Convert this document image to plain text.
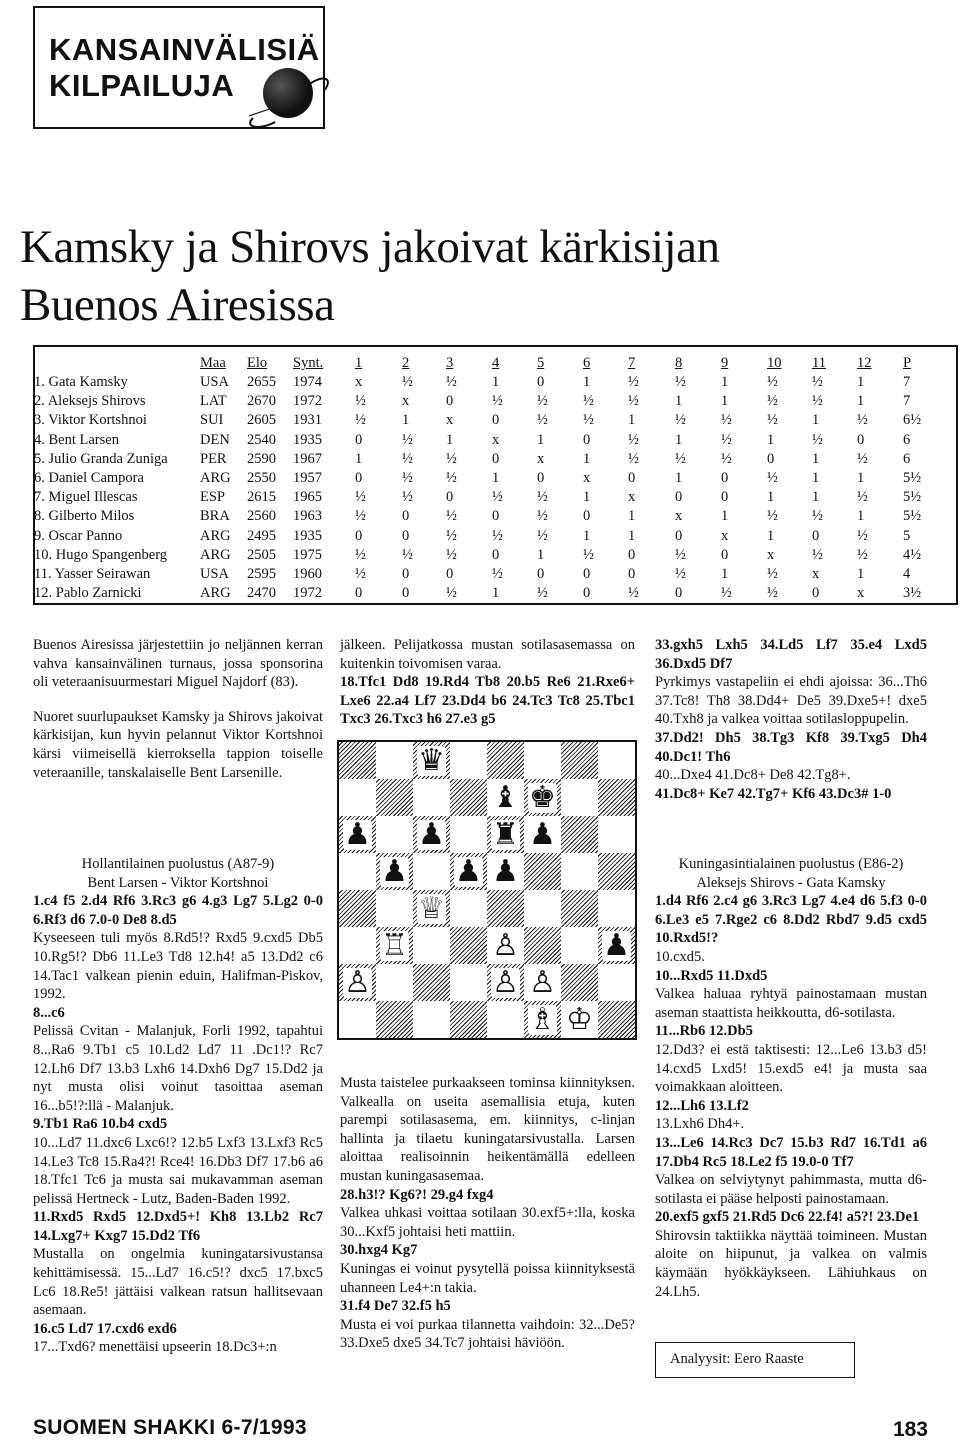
KANSAINVÄLISIÄ
KILPAILUJA
Kamsky ja Shirovs jakoivat kärkisijan
Buenos Airesissa
Maa Elo Synt. 1	2	3	4	5	6	7	8	9	10 11 12 P
1. Gata Kamsky	USA 2655 1974 x	½ ½ 1	0	1	½ ½ 1	½ ½ 1	7
2. Aleksejs Shirovs	LAT 2670 1972 ½ x	0	½ ½ ½ ½ 1	1	½ ½ 1	7
3. Viktor Kortshnoi	SUI 2605 1931 ½ 1	x	0	½ ½ 1	½ ½ ½ 1	½ 6½
4. Bent Larsen	DEN 2540 1935 0	½ 1	x	1	0	½ 1	½ 1	½ 0	6
5. Julio Granda Zuniga PER 2590 1967 1	½ ½ 0	x	1	½ ½ ½ 0	1	½ 6
6. Daniel Campora	ARG 2550 1957 0	½ ½ 1	0	x	0	1	0	½ 1	1	5½
7. Miguel Illescas	ESP 2615 1965 ½ ½ 0	½ ½ 1	x	0	0	1	1	½ 5½
8. Gilberto Milos	BRA 2560 1963 ½ 0	½ 0	½ 0	1	x	1	½ ½ 1	5½
9. Oscar Panno	ARG 2495 1935 0	0	½ ½ ½ 1	1	0	x	1	0	½ 5
10. Hugo Spangenberg ARG 2505 1975 ½ ½ ½ 0	1	½ 0	½ 0	x	½ ½ 4½
11. Yasser Seirawan	USA 2595 1960 ½ 0	0	½ 0	0	0	½ 1	½ x	1	4
12. Pablo Zarnicki	ARG 2470 1972 0	0	½ 1	½ 0	½ 0	½ ½ 0	x	3½

Buenos Airesissa järjestettiin jo neljännen kerran vahva kansainvälinen turnaus, jossa sponsorina oli veteraanisuurmestari Miguel Najdorf (83).

Nuoret suurlupaukset Kamsky ja Shirovs jakoivat kärkisijan, kun hyvin pelannut Viktor Kortshnoi kärsi viimeisellä kierroksella tappion toiselle veteraanille, tanskalaiselle Bent Larsenille.

Hollantilainen puolustus (A87-9)

Bent Larsen - Viktor Kortshnoi

1.c4 f5 2.d4 Rf6 3.Rc3 g6 4.g3 Lg7 5.Lg2 0-0 6.Rf3 d6 7.0-0 De8 8.d5

Kyseeseen tuli myös 8.Rd5!? Rxd5 9.cxd5 Db5 10.Rg5!? Db6 11.Le3 Td8 12.h4! a5 13.Dd2 c6 14.Tac1 valkean pienin eduin, Halifman-Piskov, 1992.

8...c6

Pelissä Cvitan - Malanjuk, Forli 1992, tapahtui 8...Ra6 9.Tb1 c5 10.Ld2 Ld7 11 .Dc1!? Rc7 12.Lh6 Df7 13.b3 Lxh6 14.Dxh6 Dg7 15.Dd2 ja nyt musta olisi voinut tasoittaa aseman 16...b5!?:llä - Malanjuk.

9.Tb1 Ra6 10.b4 cxd5

10...Ld7 11.dxc6 Lxc6!? 12.b5 Lxf3 13.Lxf3 Rc5 14.Le3 Tc8 15.Ra4?! Rce4! 16.Db3 Df7 17.b6 a6 18.Tfc1 Tc6 ja musta sai mukavamman aseman pelissä Hertneck - Lutz, Baden-Baden 1992.

11.Rxd5 Rxd5 12.Dxd5+! Kh8 13.Lb2 Rc7 14.Lxg7+ Kxg7 15.Dd2 Tf6

Mustalla on ongelmia kuningatarsivustansa kehittämisessä. 15...Ld7 16.c5!? dxc5 17.bxc5 Lc6 18.Re5! jättäisi valkean ratsun hallitsevaan asemaan.

16.c5 Ld7 17.cxd6 exd6

17...Txd6? menettäisi upseerin 18.Dc3+:n

jälkeen. Pelijatkossa mustan sotilasasemassa on kuitenkin toivomisen varaa.

18.Tfc1 Dd8 19.Rd4 Tb8 20.b5 Re6 21.Rxe6+ Lxe6 22.a4 Lf7 23.Dd4 b6 24.Tc3 Tc8 25.Tbc1 Txc3 26.Txc3 h6 27.e3 g5

♛
♝ ♚
♟ ♟ ♜ ♟
♟ ♟ ♟
♕
♖	♙	♟
♙	♙ ♙
♗ ♔

Musta taistelee purkaakseen tominsa kiinnityksen. Valkealla on useita asemallisia etuja, kuten parempi sotilasasema, em. kiinnitys, c-linjan hallinta ja tilaetu kuningatarsivustalla. Larsen aloittaa realisoinnin heikentämällä edelleen mustan kuningasasemaa.

28.h3!? Kg6?! 29.g4 fxg4

Valkea uhkasi voittaa sotilaan 30.exf5+:lla, koska 30...Kxf5 johtaisi heti mattiin.

30.hxg4 Kg7

Kuningas ei voinut pysytellä poissa kiinnityksestä uhanneen Le4+:n takia.

31.f4 De7 32.f5 h5

Musta ei voi purkaa tilannetta vaihdoin: 32...De5? 33.Dxe5 dxe5 34.Tc7 johtaisi häviöön.

33.gxh5 Lxh5 34.Ld5 Lf7 35.e4 Lxd5 36.Dxd5 Df7

Pyrkimys vastapeliin ei ehdi ajoissa: 36...Th6 37.Tc8! Th8 38.Dd4+ De5 39.Dxe5+! dxe5 40.Txh8 ja valkea voittaa sotilasloppupelin.

37.Dd2! Dh5 38.Tg3 Kf8 39.Txg5 Dh4 40.Dc1! Th6

40...Dxe4 41.Dc8+ De8 42.Tg8+.

41.Dc8+ Ke7 42.Tg7+ Kf6 43.Dc3# 1-0

Kuningasintialainen puolustus (E86-2)

Aleksejs Shirovs - Gata Kamsky

1.d4 Rf6 2.c4 g6 3.Rc3 Lg7 4.e4 d6 5.f3 0-0 6.Le3 e5 7.Rge2 c6 8.Dd2 Rbd7 9.d5 cxd5 10.Rxd5!?

10.cxd5.

10...Rxd5 11.Dxd5

Valkea haluaa ryhtyä painostamaan mustan aseman staattista heikkoutta, d6-sotilasta.

11...Rb6 12.Db5

12.Dd3? ei estä taktisesti: 12...Le6 13.b3 d5! 14.cxd5 Lxd5! 15.exd5 e4! ja musta saa voimakkaan aloitteen.

12...Lh6 13.Lf2

13.Lxh6 Dh4+.

13...Le6 14.Rc3 Dc7 15.b3 Rd7 16.Td1 a6 17.Db4 Rc5 18.Le2 f5 19.0-0 Tf7

Valkea on selviytynyt pahimmasta, mutta d6-sotilasta ei pääse helposti painostamaan.

20.exf5 gxf5 21.Rd5 Dc6 22.f4! a5?! 23.De1

Shirovsin taktiikka näyttää toimineen. Mustan aloite on hiipunut, ja valkea on valmis käymään hyökkäykseen. Lähiuhkaus on 24.Lh5.

Analyysit: Eero Raaste
SUOMEN SHAKKI 6-7/1993	183
